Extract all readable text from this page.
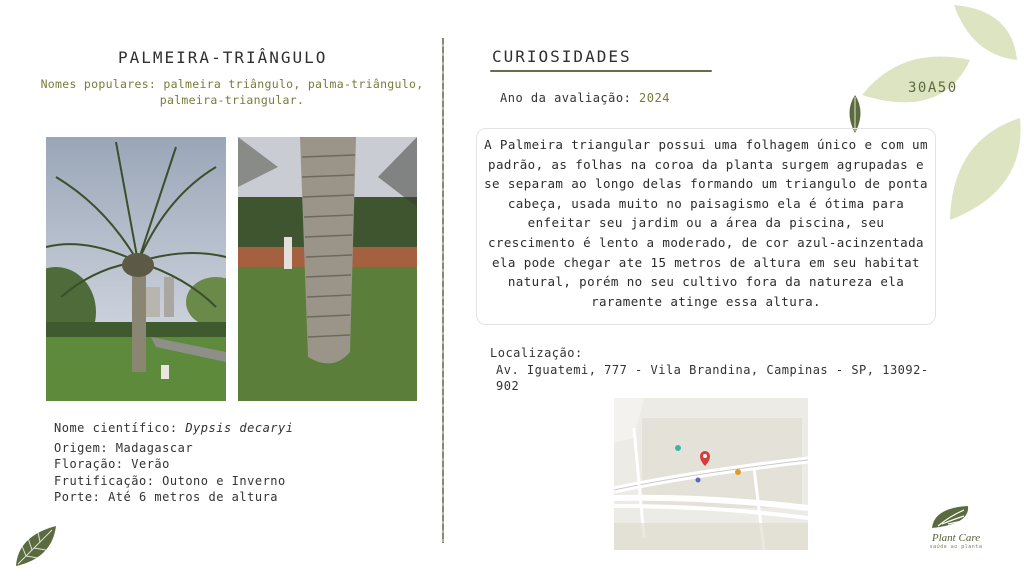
PALMEIRA-TRIÂNGULO
Nomes populares: palmeira triângulo, palma-triângulo,
palmeira-triangular.
Nome científico: Dypsis decaryi
Origem: Madagascar
Floração: Verão
Frutificação: Outono e Inverno
Porte: Até 6 metros de altura
CURIOSIDADES
Ano da avaliação: 2024
A Palmeira triangular possui uma folhagem único e com um padrão, as folhas na coroa da planta surgem agrupadas e se separam ao longo delas formando um triangulo de ponta cabeça, usada muito no paisagismo ela é ótima para enfeitar seu jardim ou a área da piscina, seu crescimento é lento a moderado, de cor azul-acinzentada ela pode chegar ate 15 metros de altura em seu habitat natural, porém no seu cultivo fora da natureza ela raramente atinge essa altura.
Localização:
Av. Iguatemi, 777 - Vila Brandina, Campinas - SP, 13092-902
30A50
Plant Care
saúde ao planta
